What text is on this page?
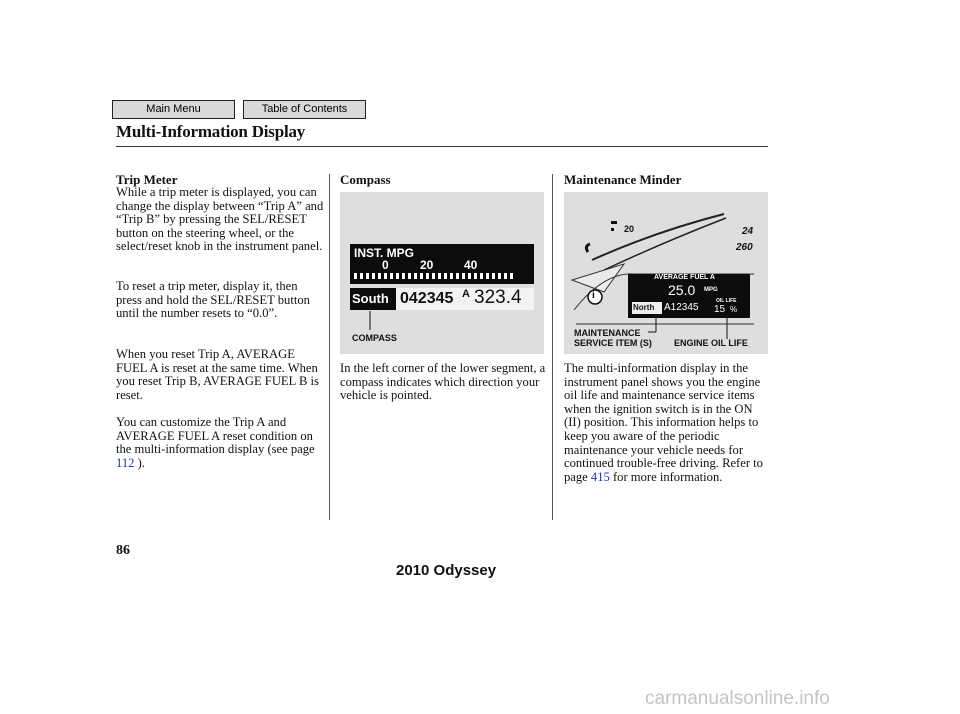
Main Menu	Table of Contents
Multi-Information Display
Trip Meter
While a trip meter is displayed, you can change the display between “Trip A” and “Trip B” by pressing the SEL/RESET button on the steering wheel, or the select/reset knob in the instrument panel.
To reset a trip meter, display it, then press and hold the SEL/RESET button until the number resets to “0.0”.
When you reset Trip A, AVERAGE FUEL A is reset at the same time. When you reset Trip B, AVERAGE FUEL B is reset.
You can customize the Trip A and AVERAGE FUEL A reset condition on the multi-information display (see page 112 ).
Compass
INST. MPG
0	20	40
South 042345 A 323.4
COMPASS
In the left corner of the lower segment, a compass indicates which direction your vehicle is pointed.
Maintenance Minder
20	24
260
i
AVERAGE FUEL A
25.0 MPG
North A12345
OIL LIFE
15 %
MAINTENANCE
SERVICE ITEM (S) ENGINE OIL LIFE
The multi-information display in the instrument panel shows you the engine oil life and maintenance service items when the ignition switch is in the ON (II) position. This information helps to keep you aware of the periodic maintenance your vehicle needs for continued trouble-free driving. Refer to page 415 for more information.
86
2010 Odyssey
carmanualsonline.info
